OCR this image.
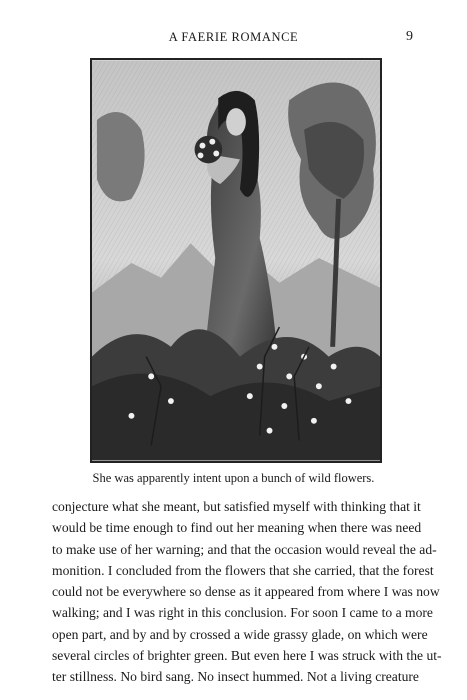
A FAERIE ROMANCE	9
She was apparently intent upon a bunch of wild flowers.
conjecture what she meant, but satisfied myself with thinking that it
would be time enough to find out her meaning when there was need
to make use of her warning; and that the occasion would reveal the ad-
monition. I concluded from the flowers that she carried, that the forest
could not be everywhere so dense as it appeared from where I was now
walking; and I was right in this conclusion. For soon I came to a more
open part, and by and by crossed a wide grassy glade, on which were
several circles of brighter green. But even here I was struck with the ut-
ter stillness. No bird sang. No insect hummed. Not a living creature
